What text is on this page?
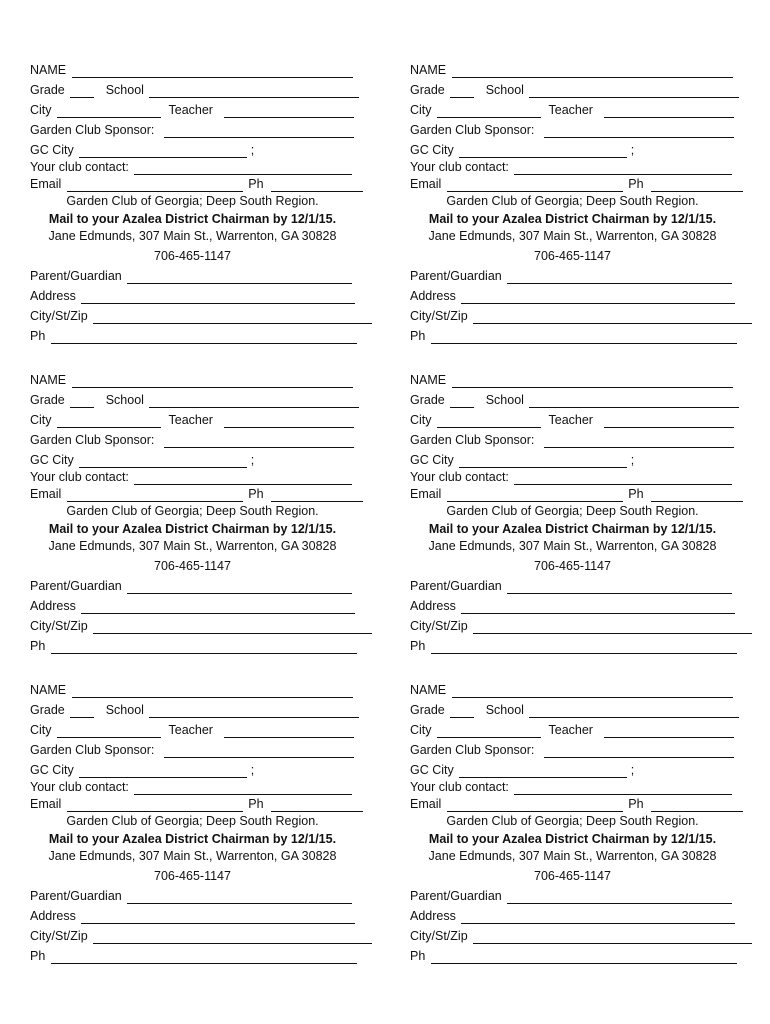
NAME
Grade	School
City	Teacher
Garden Club Sponsor:
GC City	;
Your club contact:
Email	Ph
Garden Club of Georgia; Deep South Region.
Mail to your Azalea District Chairman by 12/1/15.
Jane Edmunds, 307 Main St., Warrenton, GA 30828
706-465-1147
Parent/Guardian
Address
City/St/Zip
Ph
NAME
Grade	School
City	Teacher
Garden Club Sponsor:
GC City	;
Your club contact:
Email	Ph
Garden Club of Georgia; Deep South Region.
Mail to your Azalea District Chairman by 12/1/15.
Jane Edmunds, 307 Main St., Warrenton, GA 30828
706-465-1147
Parent/Guardian
Address
City/St/Zip
Ph
NAME
Grade	School
City	Teacher
Garden Club Sponsor:
GC City	;
Your club contact:
Email	Ph
Garden Club of Georgia; Deep South Region.
Mail to your Azalea District Chairman by 12/1/15.
Jane Edmunds, 307 Main St., Warrenton, GA 30828
706-465-1147
Parent/Guardian
Address
City/St/Zip
Ph
NAME
Grade	School
City	Teacher
Garden Club Sponsor:
GC City	;
Your club contact:
Email	Ph
Garden Club of Georgia; Deep South Region.
Mail to your Azalea District Chairman by 12/1/15.
Jane Edmunds, 307 Main St., Warrenton, GA 30828
706-465-1147
Parent/Guardian
Address
City/St/Zip
Ph
NAME
Grade	School
City	Teacher
Garden Club Sponsor:
GC City	;
Your club contact:
Email	Ph
Garden Club of Georgia; Deep South Region.
Mail to your Azalea District Chairman by 12/1/15.
Jane Edmunds, 307 Main St., Warrenton, GA 30828
706-465-1147
Parent/Guardian
Address
City/St/Zip
Ph
NAME
Grade	School
City	Teacher
Garden Club Sponsor:
GC City	;
Your club contact:
Email	Ph
Garden Club of Georgia; Deep South Region.
Mail to your Azalea District Chairman by 12/1/15.
Jane Edmunds, 307 Main St., Warrenton, GA 30828
706-465-1147
Parent/Guardian
Address
City/St/Zip
Ph
